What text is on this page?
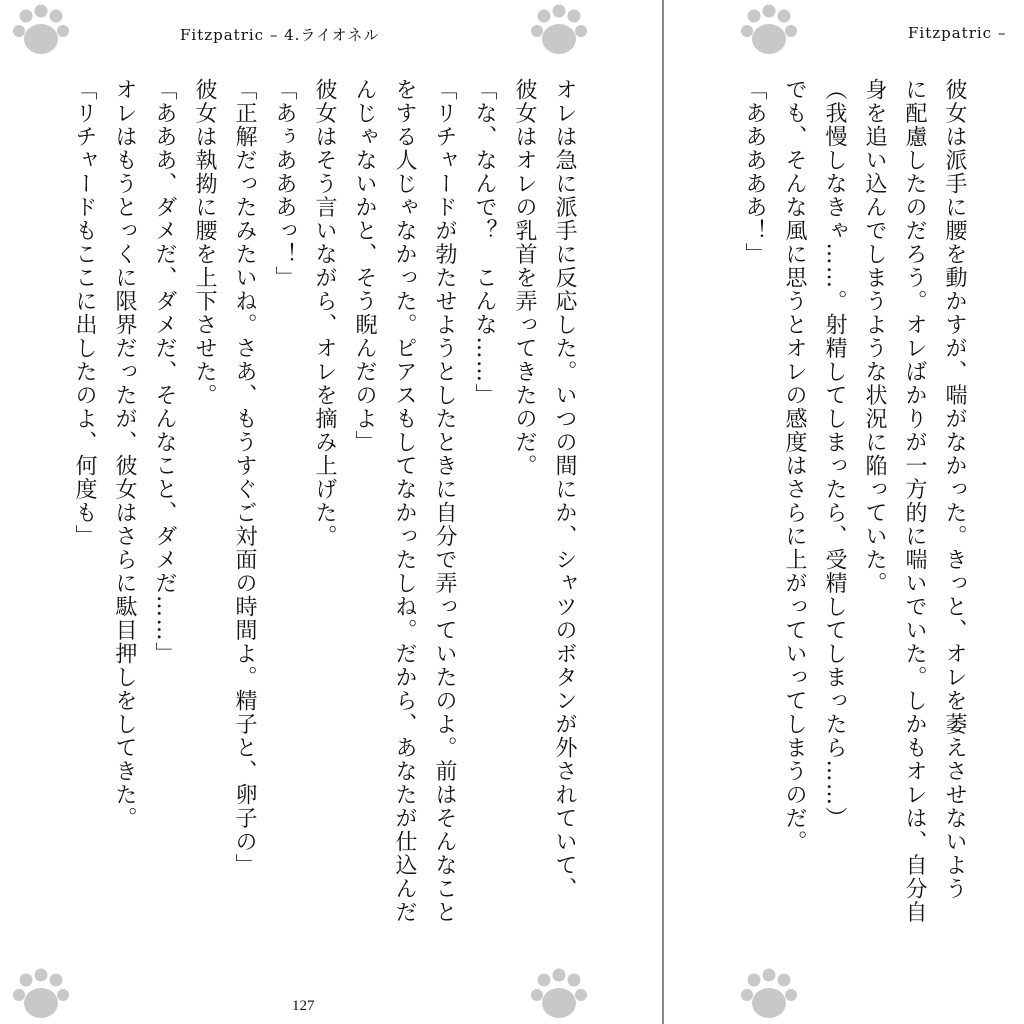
Fitzpatric – 4.ライオネル

オレは急に派手に反応した。いつの間にか、シャツのボタンが外されていて、

彼女はオレの乳首を弄ってきたのだ。

「な、なんで？　こんな……」

「リチャードが勃たせようとしたときに自分で弄っていたのよ。前はそんなこと

をする人じゃなかった。ピアスもしてなかったしね。だから、あなたが仕込んだ

んじゃないかと、そう睨んだのよ」

彼女はそう言いながら、オレを摘み上げた。

「あぅあああっ！」

「正解だったみたいね。さあ、もうすぐご対面の時間よ。精子と、卵子の」

彼女は執拗に腰を上下させた。

「あああ、ダメだ、ダメだ、そんなこと、ダメだ……」

オレはもうとっくに限界だったが、彼女はさらに駄目押しをしてきた。

「リチャードもここに出したのよ、何度も」

127
Fitzpatric –

彼女は派手に腰を動かすが、喘がなかった。きっと、オレを萎えさせないよう

に配慮したのだろう。オレばかりが一方的に喘いでいた。しかもオレは、自分自

身を追い込んでしまうような状況に陥っていた。

（我慢しなきゃ……。射精してしまったら、受精してしまったら……）

でも、そんな風に思うとオレの感度はさらに上がっていってしまうのだ。

「あああああ！」
